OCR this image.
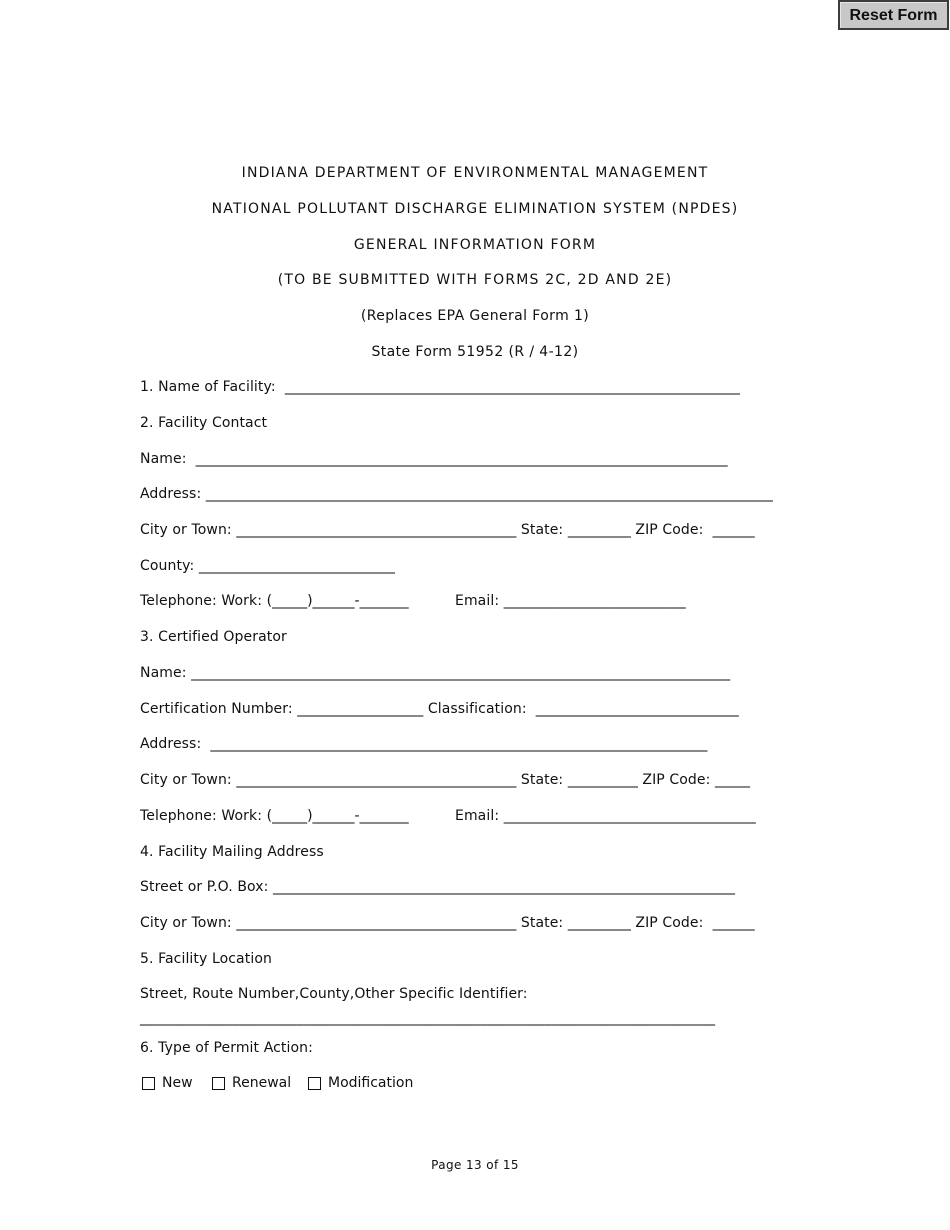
Reset Form
INDIANA DEPARTMENT OF ENVIRONMENTAL MANAGEMENT
NATIONAL POLLUTANT DISCHARGE ELIMINATION SYSTEM (NPDES)
GENERAL INFORMATION FORM
(TO BE SUBMITTED WITH FORMS 2C, 2D AND 2E)
(Replaces EPA General Form 1)
State Form 51952 (R / 4-12)
1. Name of Facility: _________________________________________________________________
2. Facility Contact
Name: ____________________________________________________________________________
Address: _________________________________________________________________________________
City or Town: ________________________________________ State: _________ ZIP Code: ______
County: ____________________________
Telephone: Work: (_____)______-_______	Email: __________________________
3. Certified Operator
Name: _____________________________________________________________________________
Certification Number: __________________ Classification: _____________________________
Address: _______________________________________________________________________
City or Town: ________________________________________ State: __________ ZIP Code: _____
Telephone: Work: (_____)______-_______	Email: ____________________________________
4. Facility Mailing Address
Street or P.O. Box: __________________________________________________________________
City or Town: ________________________________________ State: _________ ZIP Code: ______
5. Facility Location
Street, Route Number,County,Other Specific Identifier:
_________________________________________________________________________________
6. Type of Permit Action:
New	Renewal	Modification
Page 13 of 15
